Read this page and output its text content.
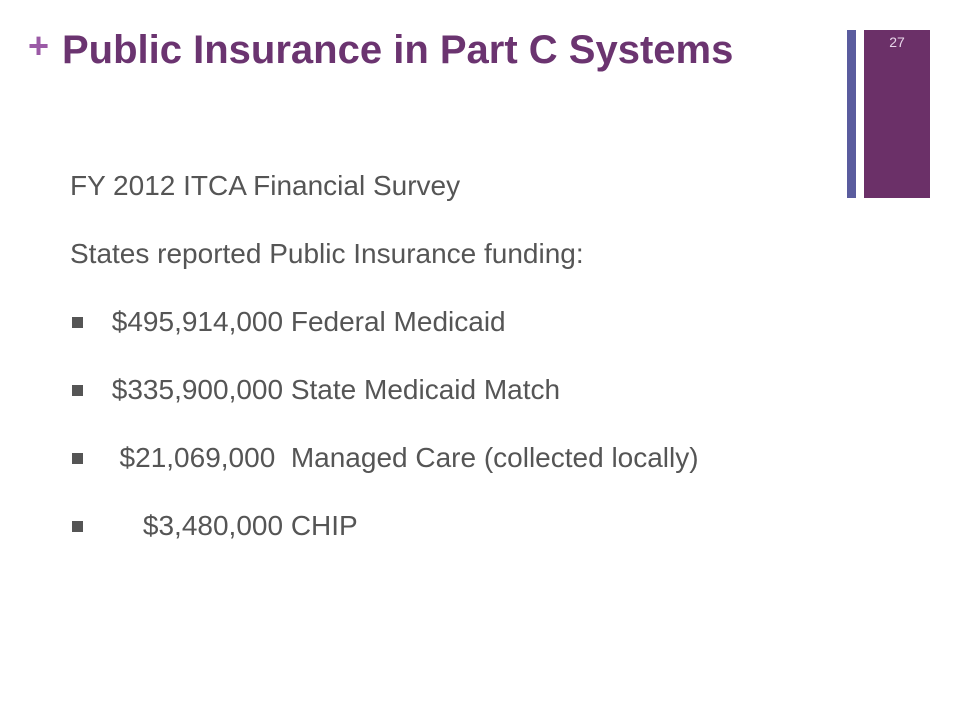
+ Public Insurance in Part C Systems	27
FY 2012 ITCA Financial Survey
States reported Public Insurance funding:
$495,914,000 Federal Medicaid
$335,900,000 State Medicaid Match
$21,069,000  Managed Care (collected locally)
$3,480,000 CHIP
